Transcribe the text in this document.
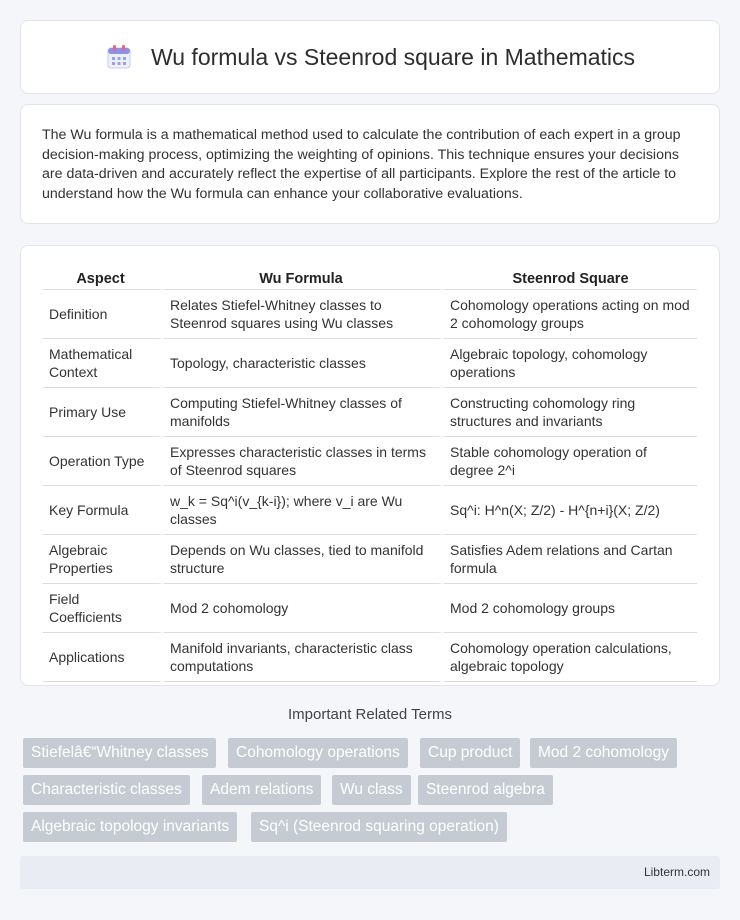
Wu formula vs Steenrod square in Mathematics

The Wu formula is a mathematical method used to calculate the contribution of each expert in a group decision-making process, optimizing the weighting of opinions. This technique ensures your decisions are data-driven and accurately reflect the expertise of all participants. Explore the rest of the article to understand how the Wu formula can enhance your collaborative evaluations.

Aspect	Wu Formula	Steenrod Square
Definition	Relates Stiefel-Whitney classes to Steenrod squares using Wu classes	Cohomology operations acting on mod 2 cohomology groups
Mathematical Context	Topology, characteristic classes	Algebraic topology, cohomology operations
Primary Use	Computing Stiefel-Whitney classes of manifolds	Constructing cohomology ring structures and invariants
Operation Type	Expresses characteristic classes in terms of Steenrod squares	Stable cohomology operation of degree 2^i
Key Formula	w_k = Sq^i(v_{k-i}); where v_i are Wu classes	Sq^i: H^n(X; Z/2) - H^{n+i}(X; Z/2)
Algebraic Properties	Depends on Wu classes, tied to manifold structure	Satisfies Adem relations and Cartan formula
Field Coefficients	Mod 2 cohomology	Mod 2 cohomology groups
Applications	Manifold invariants, characteristic class computations	Cohomology operation calculations, algebraic topology
Important Related Terms
Stiefelâ€“Whitney classes	Cohomology operations	Cup product	Mod 2 cohomology
Characteristic classes	Adem relations	Wu class	Steenrod algebra
Algebraic topology invariants	Sq^i (Steenrod squaring operation)
Libterm.com
